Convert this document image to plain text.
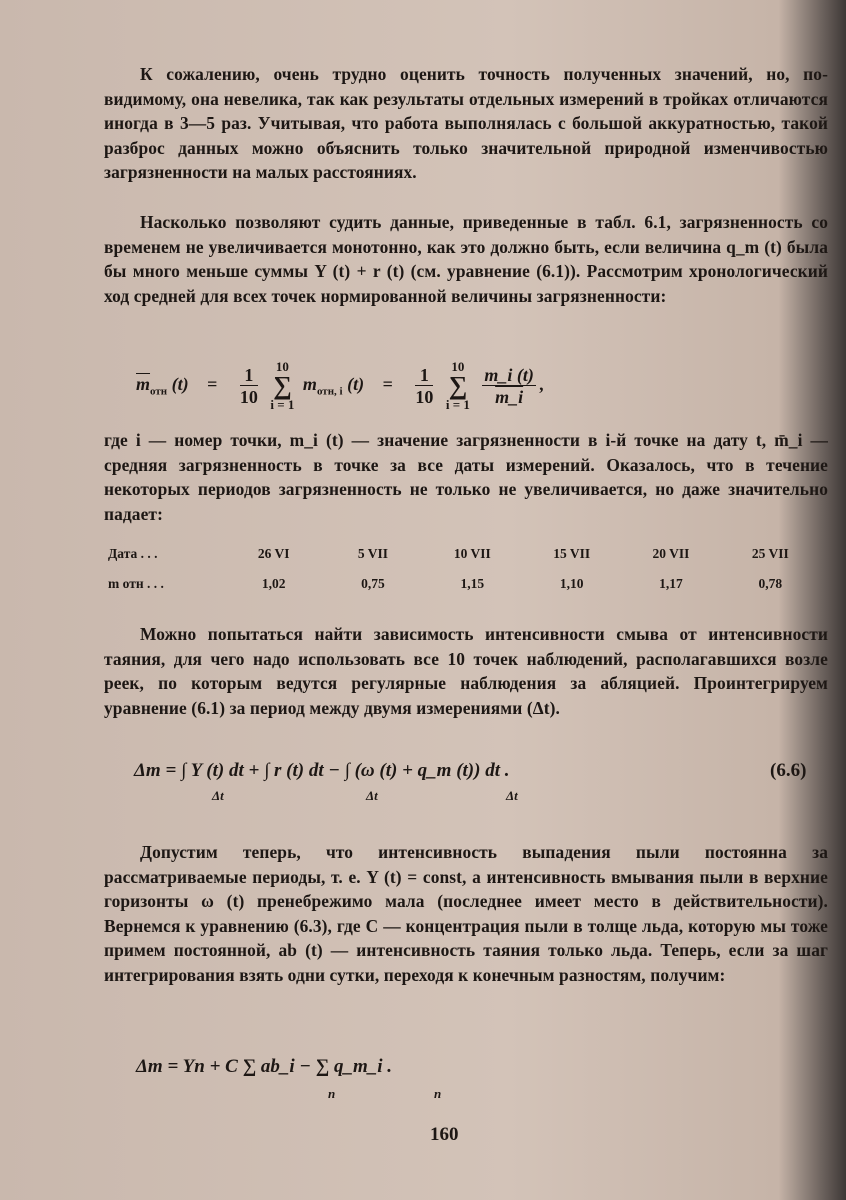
К сожалению, очень трудно оценить точность полученных значений, но, по-видимому, она невелика, так как результаты отдельных измерений в тройках отличаются иногда в 3—5 раз. Учитывая, что работа выполнялась с большой аккуратностью, такой разброс данных можно объяснить только значительной природной изменчивостью загрязненности на малых расстояниях.

Насколько позволяют судить данные, приведенные в табл. 6.1, загрязненность со временем не увеличивается монотонно, как это должно быть, если величина q_m (t) была бы много меньше суммы Y (t) + r (t) (см. уравнение (6.1)). Рассмотрим хронологический ход средней для всех точек нормированной величины загрязненности:

$\overline{m}_{отн}$ $(t) = \frac{1}{10}$
	10
∑
i = 1
$m_{отн, i}$ $(t) = \frac{1}{10}$
	10
∑
i = 1
$\frac{m\_i (t)}{m\_i}$ ,

где i — номер точки, m_i (t) — значение загрязненности в i-й точке на дату t, m̄_i — средняя загрязненность в точке за все даты измерений. Оказалось, что в течение некоторых периодов загрязненность не только не увеличивается, но даже значительно падает:

Дата . . .	26 VI	5 VII	10 VII	15 VII	20 VII	25 VII
m отн . . .	1,02	0,75	1,15	1,10	1,17	0,78

Можно попытаться найти зависимость интенсивности смыва от интенсивности таяния, для чего надо использовать все 10 точек наблюдений, располагавшихся возле реек, по которым ведутся регулярные наблюдения за абляцией. Проинтегрируем уравнение (6.1) за период между двумя измерениями (Δt).

Δm = ∫ Y (t) dt + ∫ r (t) dt − ∫ (ω (t) + q_m (t)) dt .
Δt	Δt	Δt
(6.6)

Допустим теперь, что интенсивность выпадения пыли постоянна за рассматриваемые периоды, т. е. Y (t) = const, а интенсивность вмывания пыли в верхние горизонты ω (t) пренебрежимо мала (последнее имеет место в действительности). Вернемся к уравнению (6.3), где C — концентрация пыли в толще льда, которую мы тоже примем постоянной, ab (t) — интенсивность таяния только льда. Теперь, если за шаг интегрирования взять одни сутки, переходя к конечным разностям, получим:

Δm = Yn + C ∑ ab_i − ∑ q_m_i .
n	n
160
